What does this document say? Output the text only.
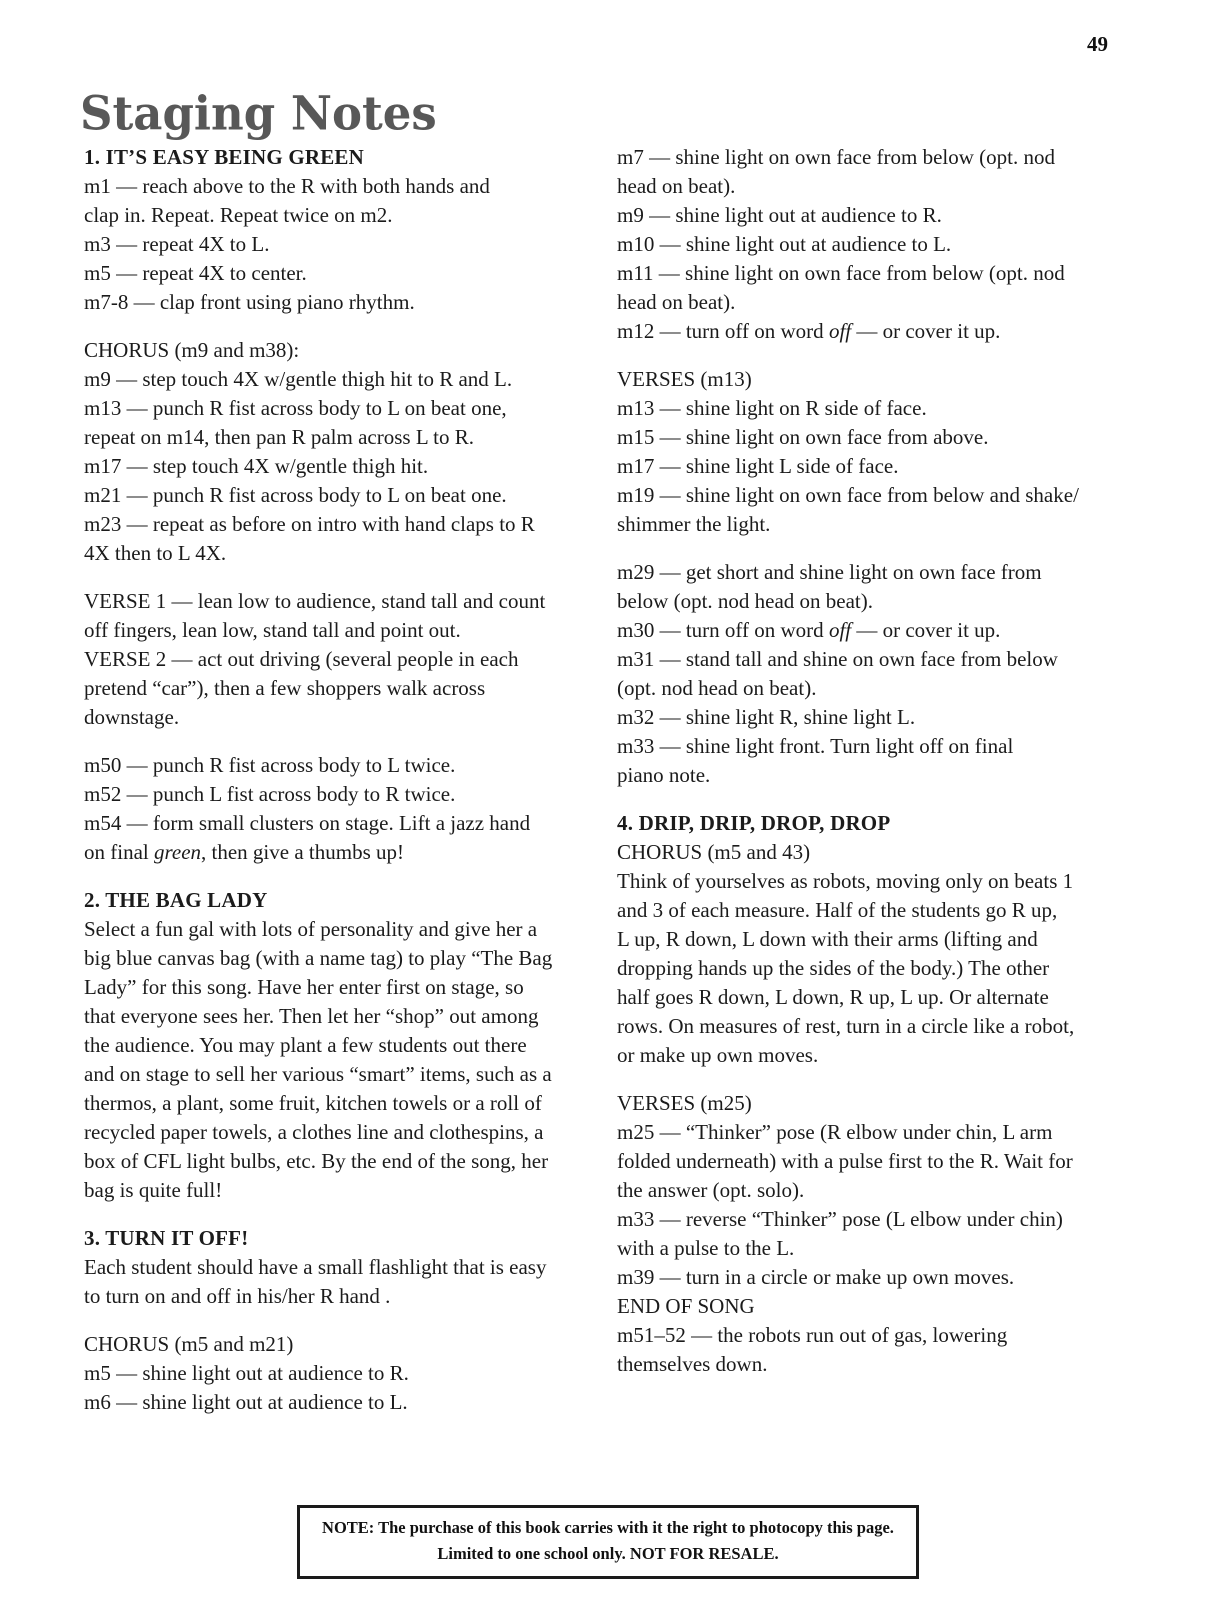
49
Staging Notes
1. IT’S EASY BEING GREEN
m1 — reach above to the R with both hands and
clap in. Repeat. Repeat twice on m2.
m3 — repeat 4X to L.
m5 — repeat 4X to center.
m7-8 — clap front using piano rhythm.
CHORUS (m9 and m38):
m9 — step touch 4X w/gentle thigh hit to R and L.
m13 — punch R fist across body to L on beat one,
repeat on m14, then pan R palm across L to R.
m17 — step touch 4X w/gentle thigh hit.
m21 — punch R fist across body to L on beat one.
m23 — repeat as before on intro with hand claps to R
4X then to L 4X.
VERSE 1 — lean low to audience, stand tall and count
off fingers, lean low, stand tall and point out.
VERSE 2 — act out driving (several people in each
pretend “car”), then a few shoppers walk across
downstage.
m50 — punch R fist across body to L twice.
m52 — punch L fist across body to R twice.
m54 — form small clusters on stage. Lift a jazz hand
on final green, then give a thumbs up!
2. THE BAG LADY
Select a fun gal with lots of personality and give her a
big blue canvas bag (with a name tag) to play “The Bag
Lady” for this song. Have her enter first on stage, so
that everyone sees her. Then let her “shop” out among
the audience. You may plant a few students out there
and on stage to sell her various “smart” items, such as a
thermos, a plant, some fruit, kitchen towels or a roll of
recycled paper towels, a clothes line and clothespins, a
box of CFL light bulbs, etc. By the end of the song, her
bag is quite full!
3. TURN IT OFF!
Each student should have a small flashlight that is easy
to turn on and off in his/her R hand .
CHORUS (m5 and m21)
m5 — shine light out at audience to R.
m6 — shine light out at audience to L.
m7 — shine light on own face from below (opt. nod
head on beat).
m9 — shine light out at audience to R.
m10 — shine light out at audience to L.
m11 — shine light on own face from below (opt. nod
head on beat).
m12 — turn off on word off — or cover it up.
VERSES (m13)
m13 — shine light on R side of face.
m15 — shine light on own face from above.
m17 — shine light L side of face.
m19 — shine light on own face from below and shake/
shimmer the light.
m29 — get short and shine light on own face from
below (opt. nod head on beat).
m30 — turn off on word off — or cover it up.
m31 — stand tall and shine on own face from below
(opt. nod head on beat).
m32 — shine light R, shine light L.
m33 — shine light front. Turn light off on final
piano note.
4. DRIP, DRIP, DROP, DROP
CHORUS (m5 and 43)
Think of yourselves as robots, moving only on beats 1
and 3 of each measure. Half of the students go R up,
L up, R down, L down with their arms (lifting and
dropping hands up the sides of the body.) The other
half goes R down, L down, R up, L up. Or alternate
rows. On measures of rest, turn in a circle like a robot,
or make up own moves.
VERSES (m25)
m25 — “Thinker” pose (R elbow under chin, L arm
folded underneath) with a pulse first to the R. Wait for
the answer (opt. solo).
m33 — reverse “Thinker” pose (L elbow under chin)
with a pulse to the L.
m39 — turn in a circle or make up own moves.
END OF SONG
m51–52 — the robots run out of gas, lowering
themselves down.
NOTE: The purchase of this book carries with it the right to photocopy this page.
Limited to one school only. NOT FOR RESALE.
